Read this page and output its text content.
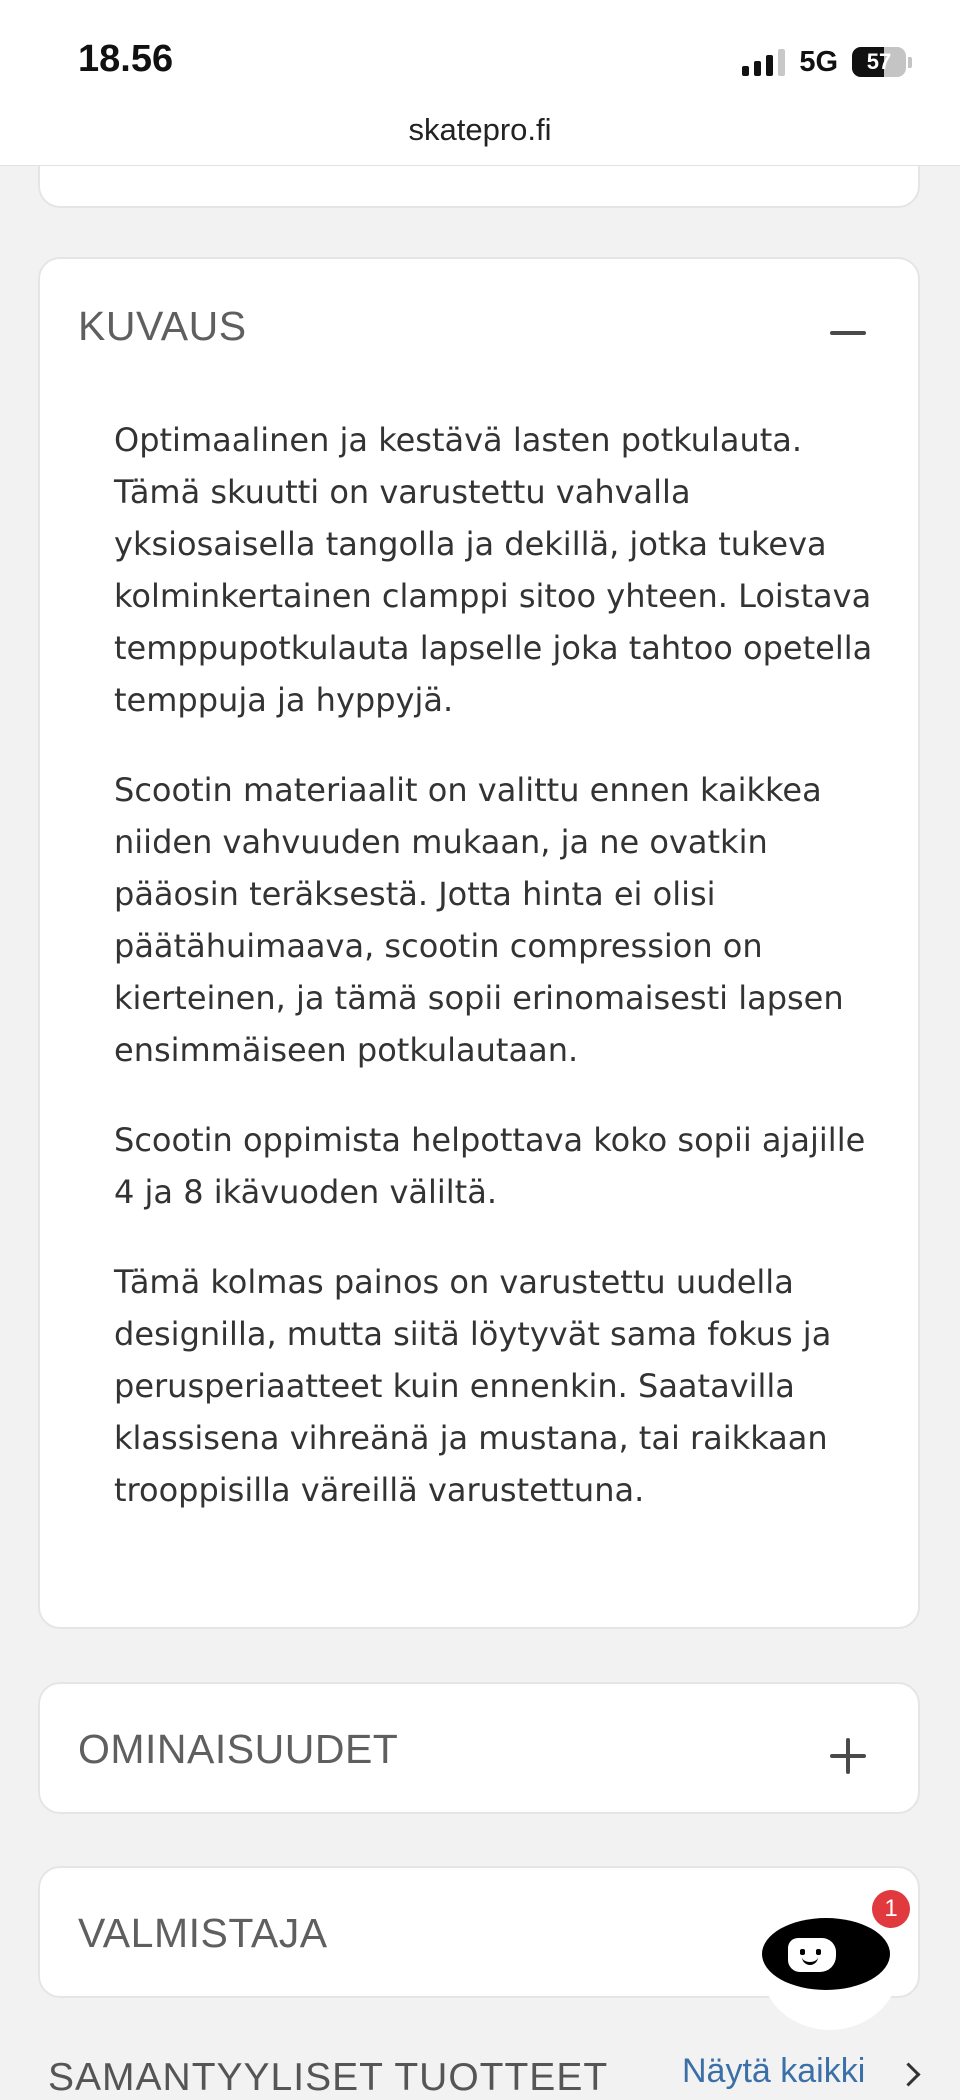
18.56	5G	57
skatepro.fi
KUVAUS

Optimaalinen ja kestävä lasten potkulauta. Tämä skuutti on varustettu vahvalla yksiosaisella tangolla ja dekillä, jotka tukeva kolminkertainen clamppi sitoo yhteen. Loistava temppupotkulauta lapselle joka tahtoo opetella temppuja ja hyppyjä.

Scootin materiaalit on valittu ennen kaikkea niiden vahvuuden mukaan, ja ne ovatkin pääosin teräksestä. Jotta hinta ei olisi päätähuimaava, scootin compression on kierteinen, ja tämä sopii erinomaisesti lapsen ensimmäiseen potkulautaan.

Scootin oppimista helpottava koko sopii ajajille 4 ja 8 ikävuoden väliltä.

Tämä kolmas painos on varustettu uudella designilla, mutta siitä löytyvät sama fokus ja perusperiaatteet kuin ennenkin. Saatavilla klassisena vihreänä ja mustana, tai raikkaan trooppisilla väreillä varustettuna.

OMINAISUUDET
VALMISTAJA
1
SAMANTYYLISET TUOTTEET Näytä kaikki
